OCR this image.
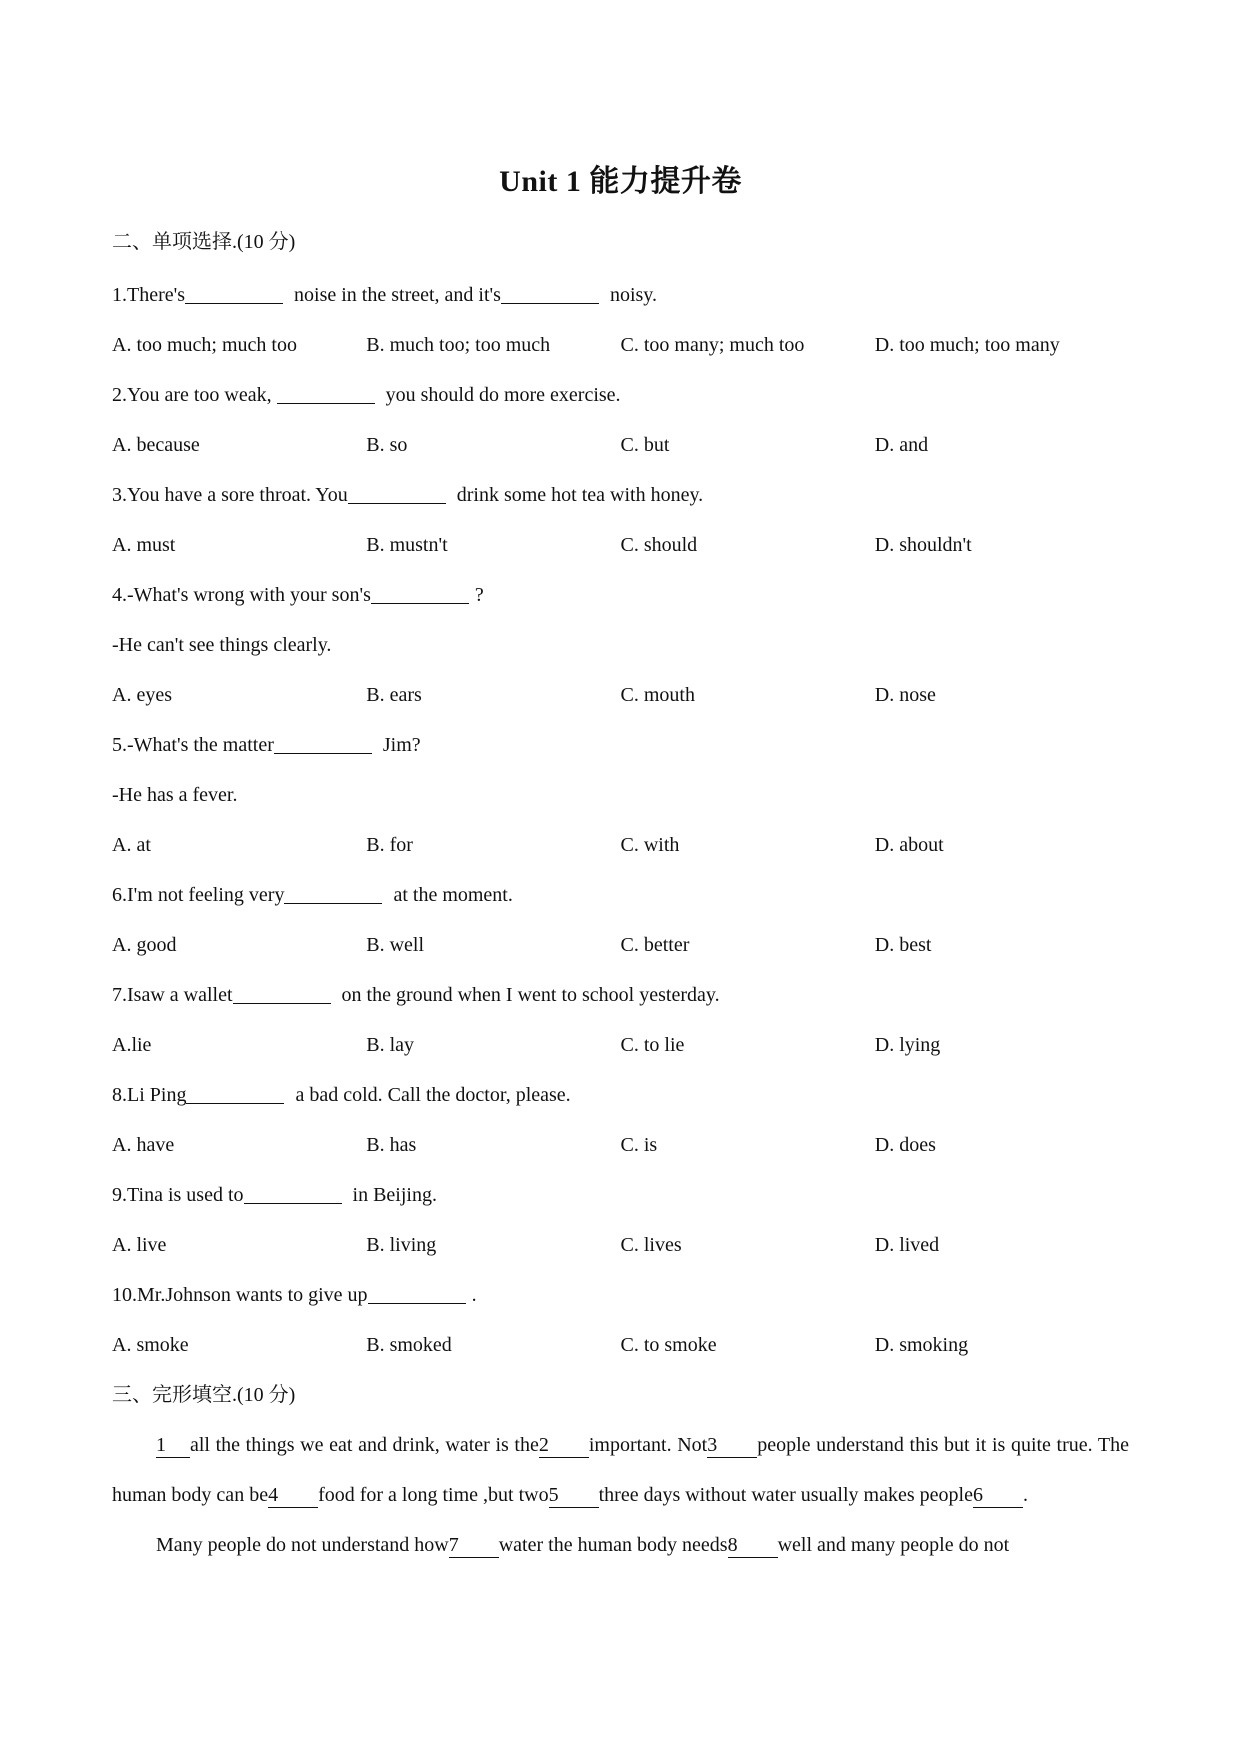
Unit 1 能力提升卷
二、单项选择.(10 分)
1.There's	noise in the street, and it's	noisy.
A. too much; much too	B. much too; too much	C. too many; much too	D. too much; too many
2.You are too weak,	you should do more exercise.
A. because	B. so	C. but	D. and
3.You have a sore throat. You	drink some hot tea with honey.
A. must	B. mustn't	C. should	D. shouldn't
4.-What's wrong with your son's	?
-He can't see things clearly.
A. eyes	B. ears	C. mouth	D. nose
5.-What's the matter	Jim?
-He has a fever.
A. at	B. for	C. with	D. about
6.I'm not feeling very	at the moment.
A. good	B. well	C. better	D. best
7.Isaw a wallet	on the ground when I went to school yesterday.
A.lie	B. lay	C. to lie	D. lying
8.Li Ping	a bad cold. Call the doctor, please.
A. have	B. has	C. is	D. does
9.Tina is used to	in Beijing.
A. live	B. living	C. lives	D. lived
10.Mr.Johnson wants to give up	.
A. smoke	B. smoked	C. to smoke	D. smoking
三、完形填空.(10 分)

1 all the things we eat and drink, water is the2 important. Not3 people understand this but it is quite true. The human body can be4 food for a long time ,but two5 three days without water usually makes people6 .

Many people do not understand how7 water the human body needs8 well and many people do not
